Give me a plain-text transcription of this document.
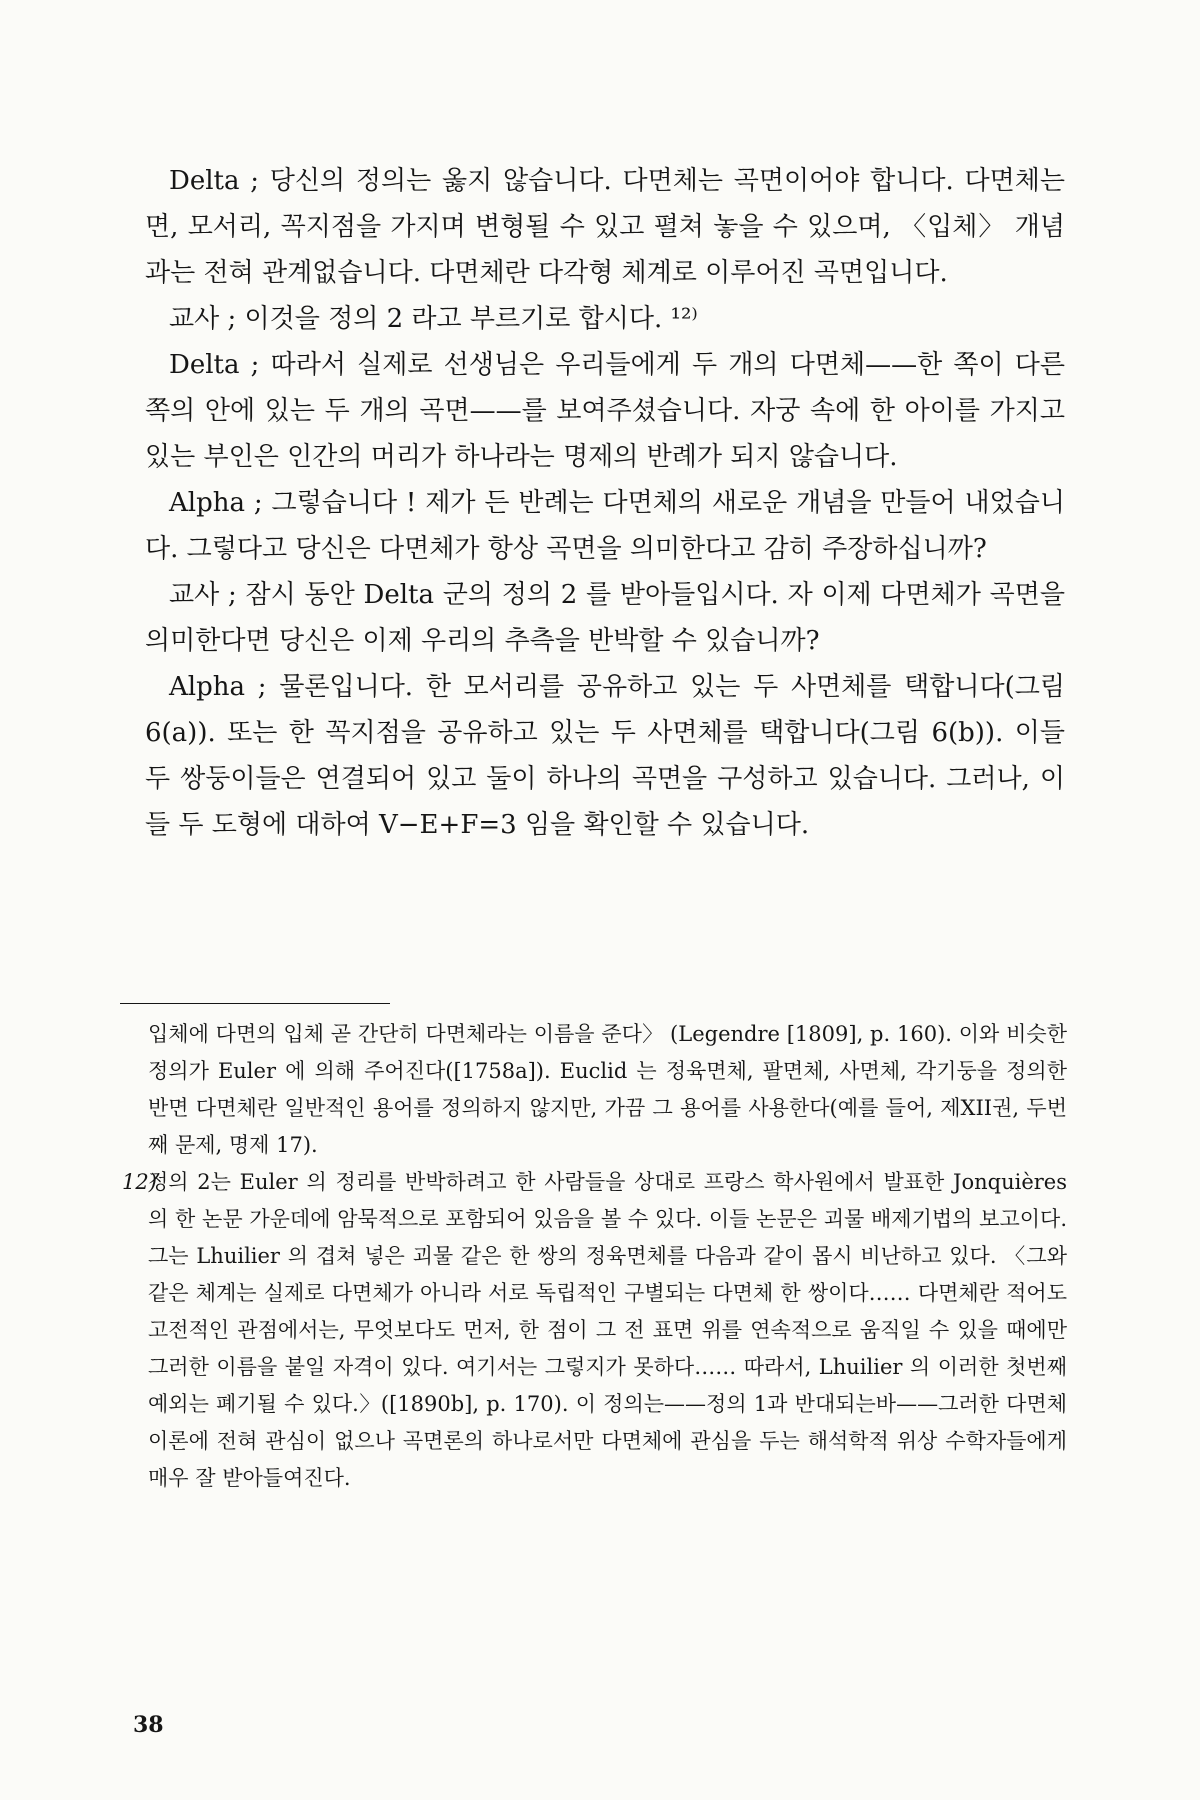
Delta ; 당신의 정의는 옳지 않습니다. 다면체는 곡면이어야 합니다. 다면체는 면, 모서리, 꼭지점을 가지며 변형될 수 있고 펼쳐 놓을 수 있으며, 〈입체〉 개념과는 전혀 관계없습니다. 다면체란 다각형 체계로 이루어진 곡면입니다.

교사 ; 이것을 정의 2 라고 부르기로 합시다. ¹²⁾

Delta ; 따라서 실제로 선생님은 우리들에게 두 개의 다면체——한 쪽이 다른 쪽의 안에 있는 두 개의 곡면——를 보여주셨습니다. 자궁 속에 한 아이를 가지고 있는 부인은 인간의 머리가 하나라는 명제의 반례가 되지 않습니다.

Alpha ; 그렇습니다 ! 제가 든 반례는 다면체의 새로운 개념을 만들어 내었습니다. 그렇다고 당신은 다면체가 항상 곡면을 의미한다고 감히 주장하십니까?

교사 ; 잠시 동안 Delta 군의 정의 2 를 받아들입시다. 자 이제 다면체가 곡면을 의미한다면 당신은 이제 우리의 추측을 반박할 수 있습니까?

Alpha ; 물론입니다. 한 모서리를 공유하고 있는 두 사면체를 택합니다(그림 6(a)). 또는 한 꼭지점을 공유하고 있는 두 사면체를 택합니다(그림 6(b)). 이들 두 쌍둥이들은 연결되어 있고 둘이 하나의 곡면을 구성하고 있습니다. 그러나, 이들 두 도형에 대하여 V−E+F=3 임을 확인할 수 있습니다.

입체에 다면의 입체 곧 간단히 다면체라는 이름을 준다〉 (Legendre [1809], p. 160). 이와 비슷한 정의가 Euler 에 의해 주어진다([1758a]). Euclid 는 정육면체, 팔면체, 사면체, 각기둥을 정의한 반면 다면체란 일반적인 용어를 정의하지 않지만, 가끔 그 용어를 사용한다(예를 들어, 제XII권, 두번째 문제, 명제 17).

12)
정의 2는 Euler 의 정리를 반박하려고 한 사람들을 상대로 프랑스 학사원에서 발표한 Jonquières 의 한 논문 가운데에 암묵적으로 포함되어 있음을 볼 수 있다. 이들 논문은 괴물 배제기법의 보고이다. 그는 Lhuilier 의 겹쳐 넣은 괴물 같은 한 쌍의 정육면체를 다음과 같이 몹시 비난하고 있다. 〈그와 같은 체계는 실제로 다면체가 아니라 서로 독립적인 구별되는 다면체 한 쌍이다…… 다면체란 적어도 고전적인 관점에서는, 무엇보다도 먼저, 한 점이 그 전 표면 위를 연속적으로 움직일 수 있을 때에만 그러한 이름을 붙일 자격이 있다. 여기서는 그렇지가 못하다…… 따라서, Lhuilier 의 이러한 첫번째 예외는 폐기될 수 있다.〉([1890b], p. 170). 이 정의는——정의 1과 반대되는바——그러한 다면체 이론에 전혀 관심이 없으나 곡면론의 하나로서만 다면체에 관심을 두는 해석학적 위상 수학자들에게 매우 잘 받아들여진다.

38
